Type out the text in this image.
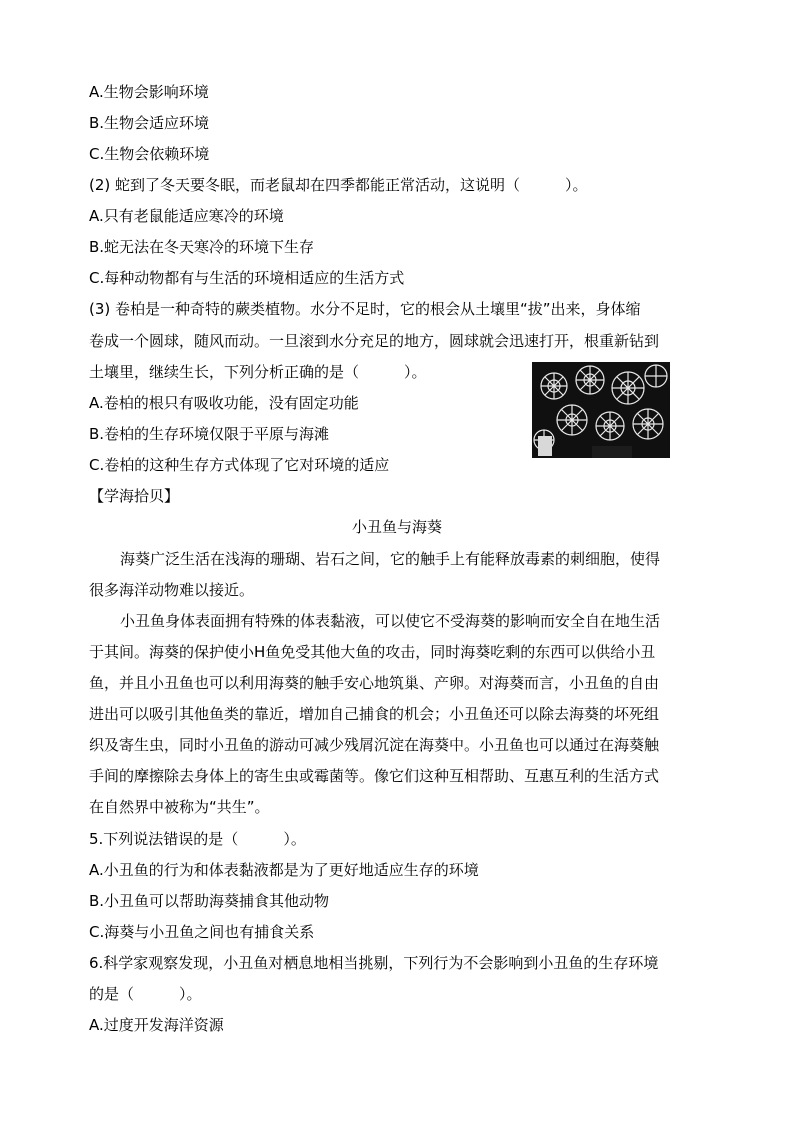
A.生物会影响环境
B.生物会适应环境
C.生物会依赖环境
(2) 蛇到了冬天要冬眠，而老鼠却在四季都能正常活动，这说明（　　　）。
A.只有老鼠能适应寒冷的环境
B.蛇无法在冬天寒冷的环境下生存
C.每种动物都有与生活的环境相适应的生活方式
(3) 卷柏是一种奇特的蕨类植物。水分不足时，它的根会从土壤里“拔”出来，身体缩
卷成一个圆球，随风而动。一旦滚到水分充足的地方，圆球就会迅速打开，根重新钻到
土壤里，继续生长，下列分析正确的是（　　　）。
A.卷柏的根只有吸收功能，没有固定功能
B.卷柏的生存环境仅限于平原与海滩
C.卷柏的这种生存方式体现了它对环境的适应
【学海拾贝】
小丑鱼与海葵
海葵广泛生活在浅海的珊瑚、岩石之间，它的触手上有能释放毒素的刺细胞，使得
很多海洋动物难以接近。
小丑鱼身体表面拥有特殊的体表黏液，可以使它不受海葵的影响而安全自在地生活
于其间。海葵的保护使小H鱼免受其他大鱼的攻击，同时海葵吃剩的东西可以供给小丑
鱼，并且小丑鱼也可以利用海葵的触手安心地筑巢、产卵。对海葵而言，小丑鱼的自由
进出可以吸引其他鱼类的靠近，增加自己捕食的机会；小丑鱼还可以除去海葵的坏死组
织及寄生虫，同时小丑鱼的游动可减少残屑沉淀在海葵中。小丑鱼也可以通过在海葵触
手间的摩擦除去身体上的寄生虫或霉菌等。像它们这种互相帮助、互惠互利的生活方式
在自然界中被称为“共生”。
5.下列说法错误的是（　　　）。
A.小丑鱼的行为和体表黏液都是为了更好地适应生存的环境
B.小丑鱼可以帮助海葵捕食其他动物
C.海葵与小丑鱼之间也有捕食关系
6.科学家观察发现，小丑鱼对栖息地相当挑剔，下列行为不会影响到小丑鱼的生存环境
的是（　　　）。
A.过度开发海洋资源
